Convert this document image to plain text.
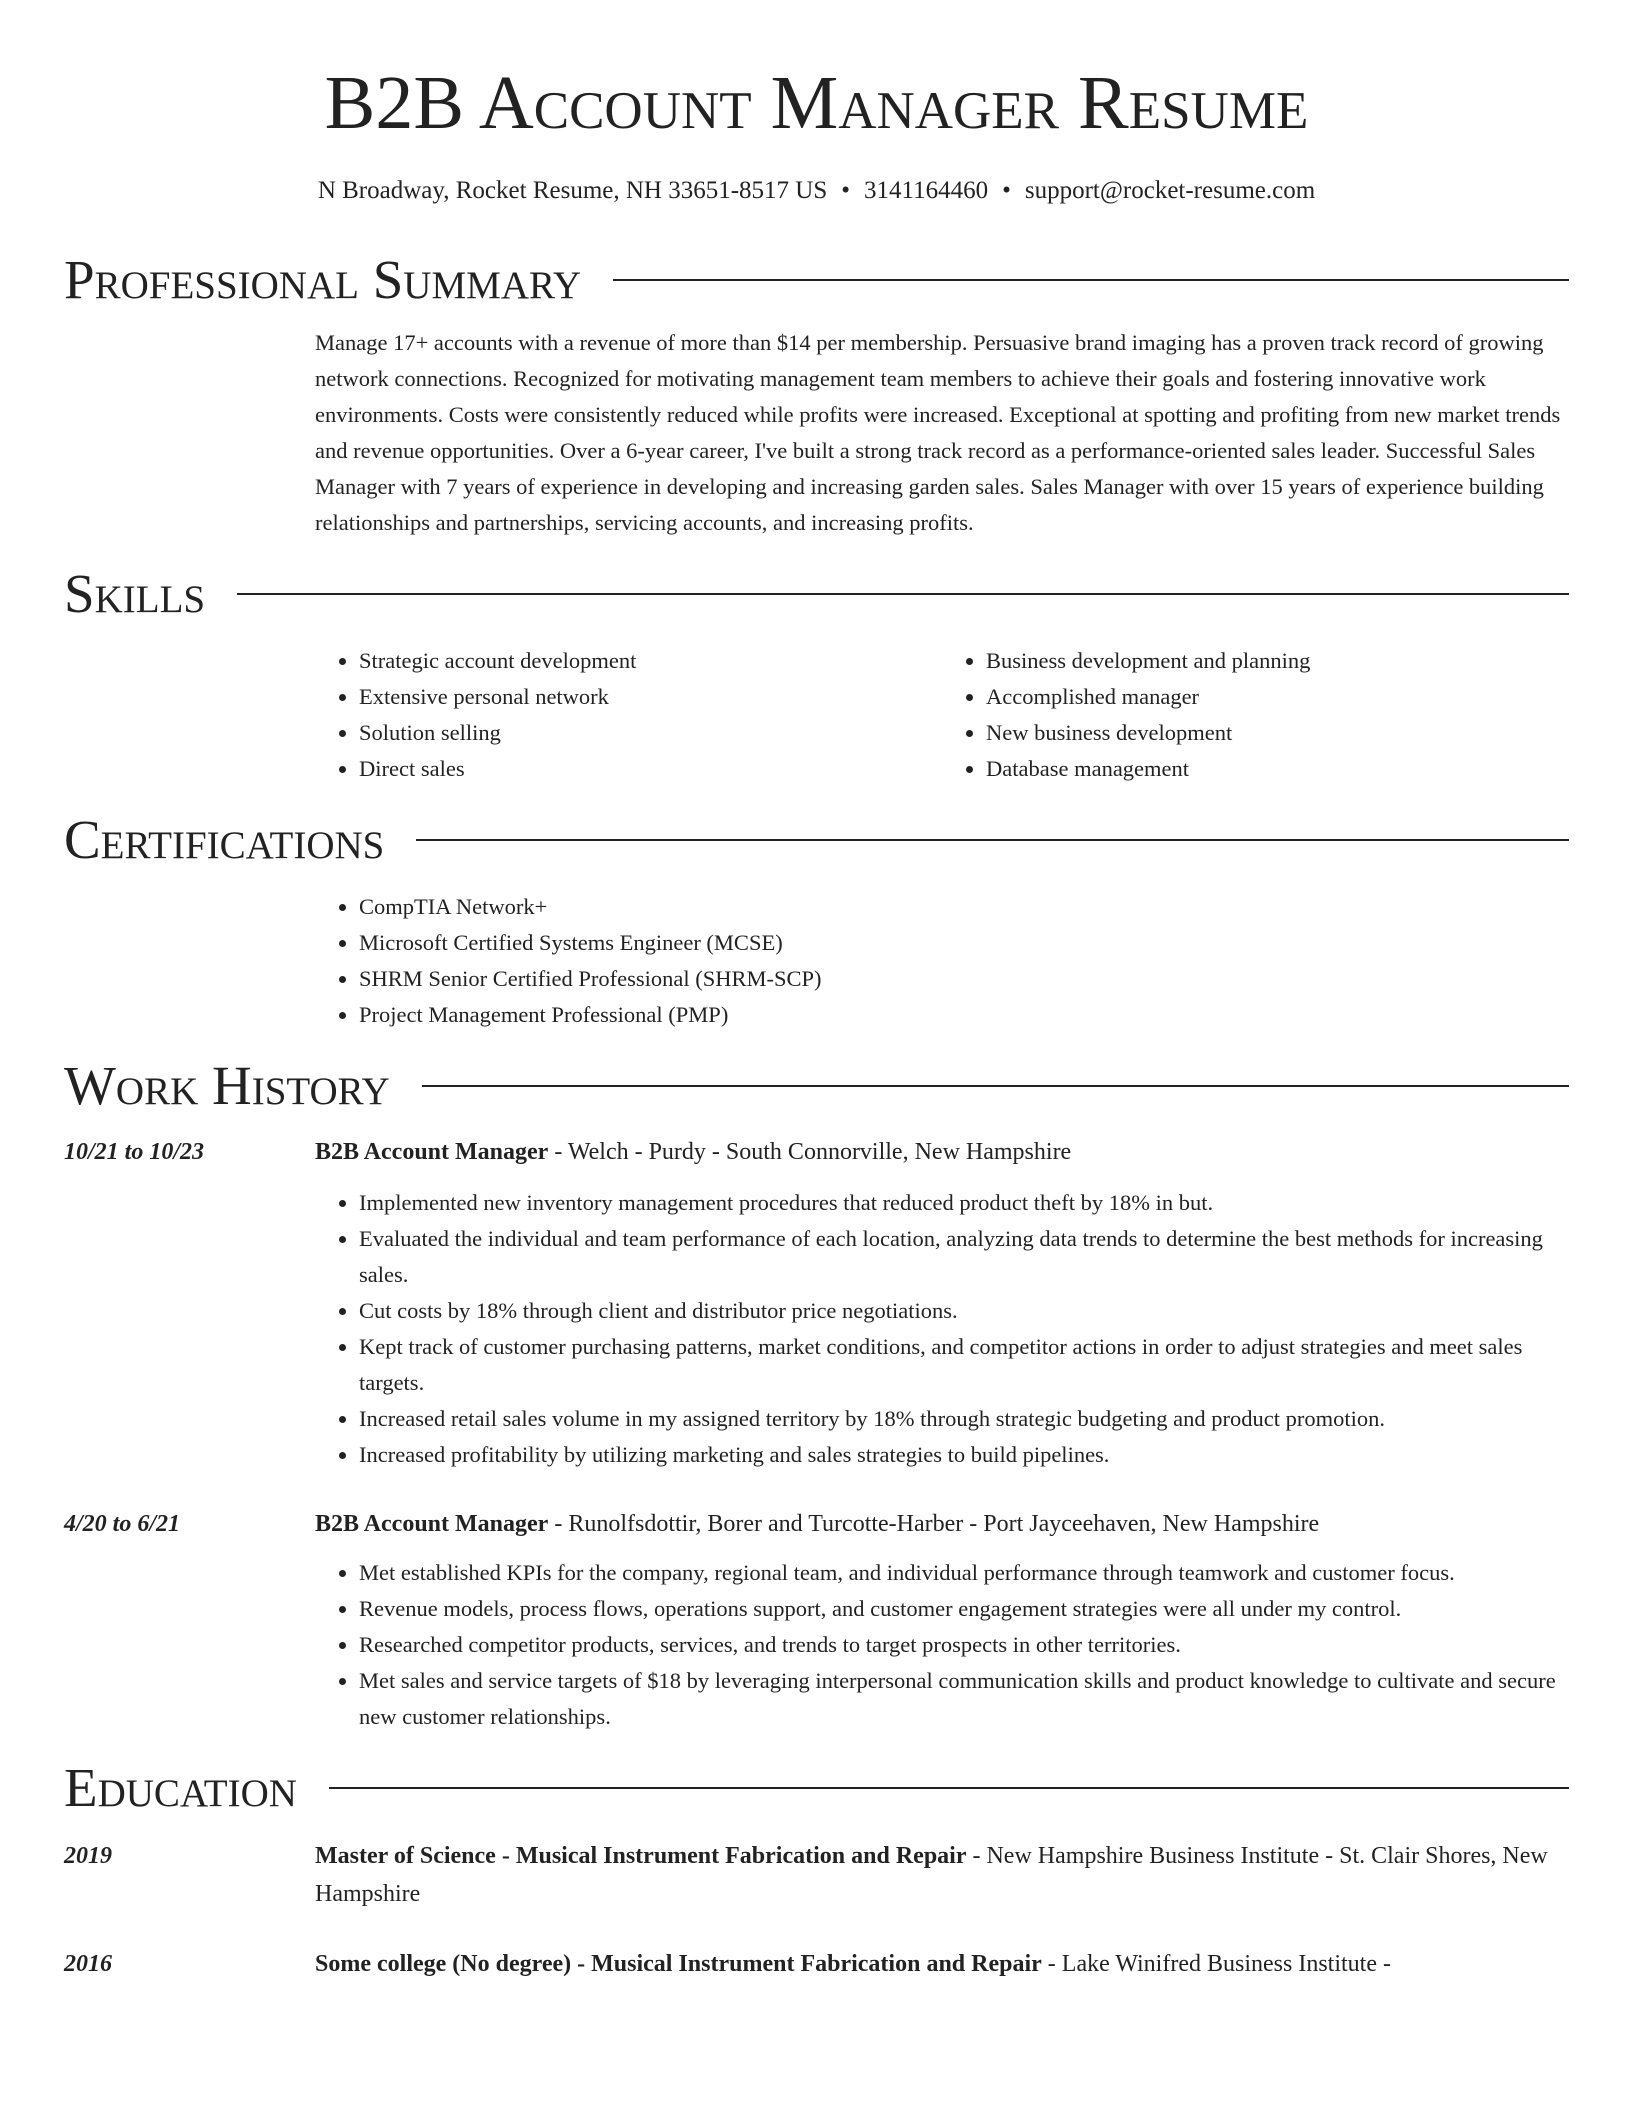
B2B Account Manager Resume
N Broadway, Rocket Resume, NH 33651-8517 US • 3141164460 • support@rocket-resume.com
Professional Summary

Manage 17+ accounts with a revenue of more than $14 per membership. Persuasive brand imaging has a proven track record of growing network connections. Recognized for motivating management team members to achieve their goals and fostering innovative work environments. Costs were consistently reduced while profits were increased. Exceptional at spotting and profiting from new market trends and revenue opportunities. Over a 6-year career, I've built a strong track record as a performance-oriented sales leader. Successful Sales Manager with 7 years of experience in developing and increasing garden sales. Sales Manager with over 15 years of experience building relationships and partnerships, servicing accounts, and increasing profits.

Skills
• Strategic account development
• Extensive personal network
• Solution selling
• Direct sales
• Business development and planning
• Accomplished manager
• New business development
• Database management
Certifications
• CompTIA Network+
• Microsoft Certified Systems Engineer (MCSE)
• SHRM Senior Certified Professional (SHRM-SCP)
• Project Management Professional (PMP)
Work History
10/21 to 10/23	B2B Account Manager - Welch - Purdy - South Connorville, New Hampshire
• Implemented new inventory management procedures that reduced product theft by 18% in but.
• Evaluated the individual and team performance of each location, analyzing data trends to determine the best methods for increasing sales.
• Cut costs by 18% through client and distributor price negotiations.
• Kept track of customer purchasing patterns, market conditions, and competitor actions in order to adjust strategies and meet sales targets.
• Increased retail sales volume in my assigned territory by 18% through strategic budgeting and product promotion.
• Increased profitability by utilizing marketing and sales strategies to build pipelines.
4/20 to 6/21	B2B Account Manager - Runolfsdottir, Borer and Turcotte-Harber - Port Jayceehaven, New Hampshire
• Met established KPIs for the company, regional team, and individual performance through teamwork and customer focus.
• Revenue models, process flows, operations support, and customer engagement strategies were all under my control.
• Researched competitor products, services, and trends to target prospects in other territories.
• Met sales and service targets of $18 by leveraging interpersonal communication skills and product knowledge to cultivate and secure new customer relationships.
Education
2019	Master of Science - Musical Instrument Fabrication and Repair - New Hampshire Business Institute - St. Clair Shores, New Hampshire
2016	Some college (No degree) - Musical Instrument Fabrication and Repair - Lake Winifred Business Institute -
